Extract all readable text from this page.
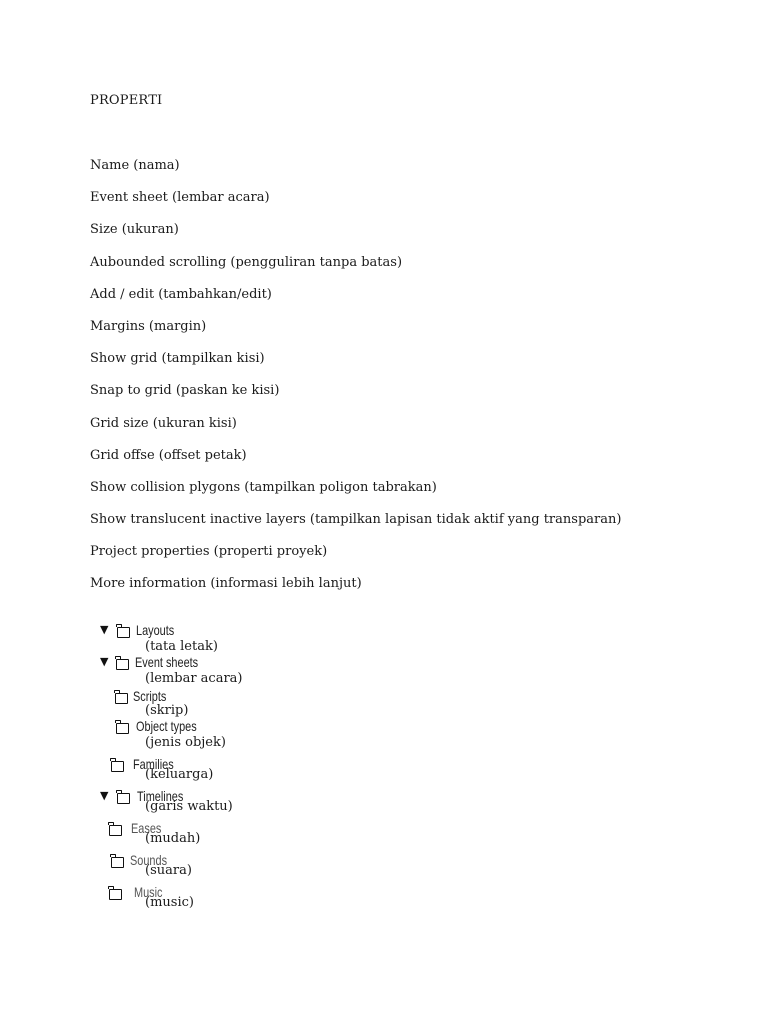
PROPERTI
Name (nama)
Event sheet (lembar acara)
Size (ukuran)
Aubounded scrolling (pengguliran tanpa batas)
Add / edit (tambahkan/edit)
Margins (margin)
Show grid (tampilkan kisi)
Snap to grid (paskan ke kisi)
Grid size (ukuran kisi)
Grid offse (offset petak)
Show collision plygons (tampilkan poligon tabrakan)
Show translucent inactive layers (tampilkan lapisan tidak aktif yang transparan)
Project properties (properti proyek)
More information (informasi lebih lanjut)
▼ Layouts
(tata letak)
▼ Event sheets
(lembar acara)
Scripts
(skrip)
Object types
(jenis objek)
Families
(keluarga)
▼ Timelines
(garis waktu)
Eases
(mudah)
Sounds
(suara)
Music
(music)
